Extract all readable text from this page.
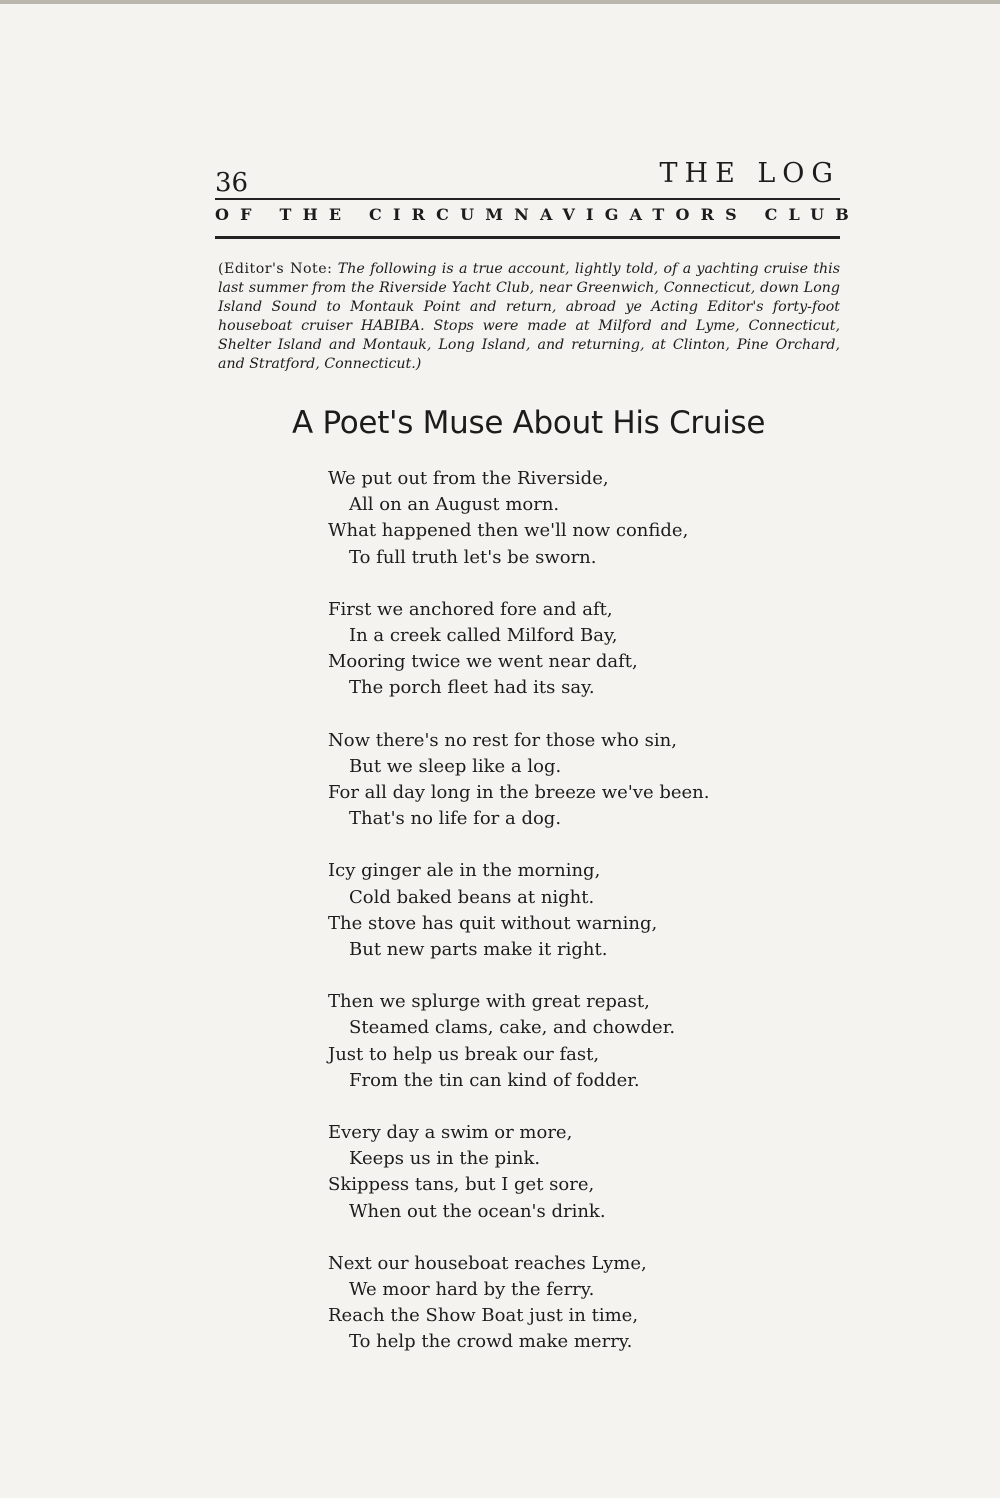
36	THE LOG
OF THE CIRCUMNAVIGATORS CLUB
(Editor's Note: The following is a true account, lightly told, of a yachting cruise this last summer from the Riverside Yacht Club, near Greenwich, Connecticut, down Long Island Sound to Montauk Point and return, abroad ye Acting Editor's forty-foot houseboat cruiser HABIBA. Stops were made at Milford and Lyme, Connecticut, Shelter Island and Montauk, Long Island, and returning, at Clinton, Pine Orchard, and Stratford, Connecticut.)
A Poet's Muse About His Cruise
We put out from the Riverside,
All on an August morn.
What happened then we'll now confide,
To full truth let's be sworn.
First we anchored fore and aft,
In a creek called Milford Bay,
Mooring twice we went near daft,
The porch fleet had its say.
Now there's no rest for those who sin,
But we sleep like a log.
For all day long in the breeze we've been.
That's no life for a dog.
Icy ginger ale in the morning,
Cold baked beans at night.
The stove has quit without warning,
But new parts make it right.
Then we splurge with great repast,
Steamed clams, cake, and chowder.
Just to help us break our fast,
From the tin can kind of fodder.
Every day a swim or more,
Keeps us in the pink.
Skippess tans, but I get sore,
When out the ocean's drink.
Next our houseboat reaches Lyme,
We moor hard by the ferry.
Reach the Show Boat just in time,
To help the crowd make merry.
